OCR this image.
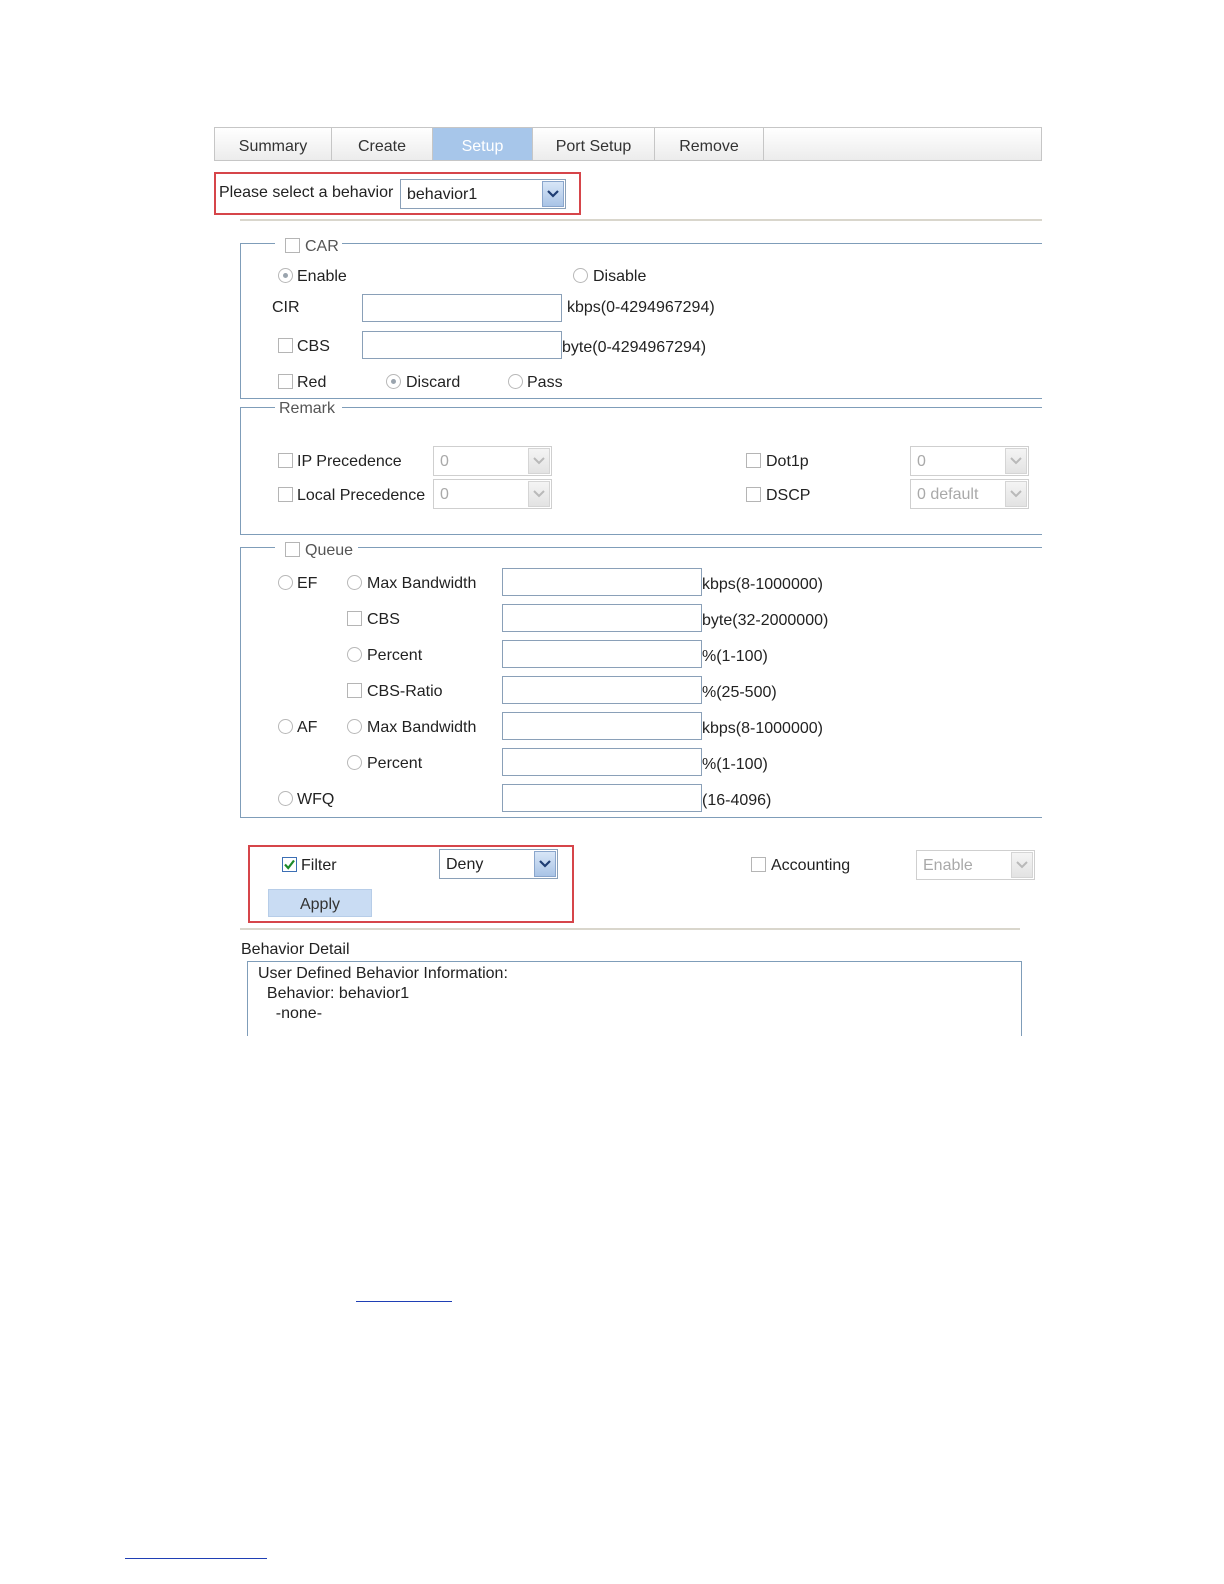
Summary	Create	Setup	Port Setup	Remove
Please select a behavior behavior1
CAR
Enable	Disable
CIR	kbps(0-4294967294)
CBS	byte(0-4294967294)
Red	Discard	Pass
Remark
IP Precedence 0	Dot1p	0
Local Precedence 0	DSCP	0 default
Queue
EF	Max Bandwidth	kbps(8-1000000)
CBS	byte(32-2000000)
Percent	%(1-100)
CBS-Ratio	%(25-500)
AF	Max Bandwidth	kbps(8-1000000)
Percent	%(1-100)
WFQ	(16-4096)
Filter	Deny
Apply
Accounting	Enable
Behavior Detail
User Defined Behavior Information:
Behavior: behavior1
-none-
